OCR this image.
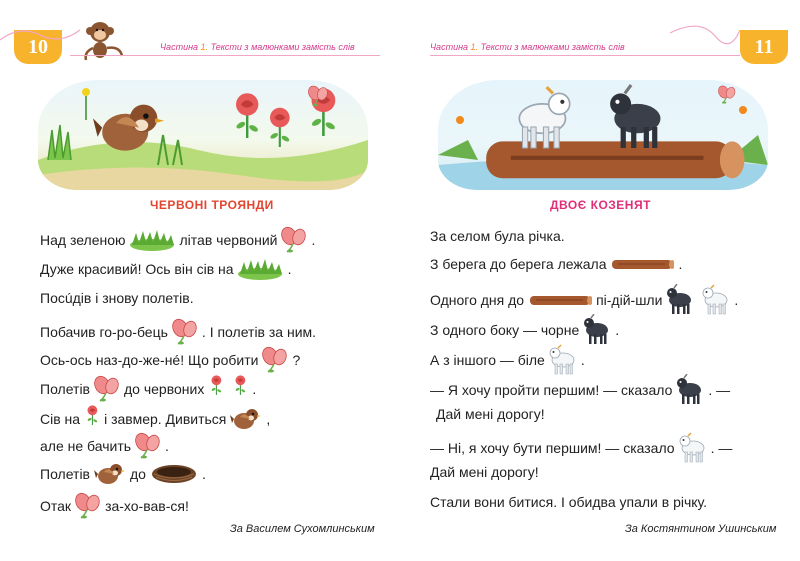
10	Частина 1. Тексти з малюнками замість слів
ЧЕРВОНІ ТРОЯНДИ
Над зеленою	літав червоний .
Дуже красивий! Ось він сів на	.
Посúдів і знову полетів.
Побачив го-ро-бець . І полетів за ним.
Ось-ось наз-до-же-нé! Що робити ?
Полетів до червоних	.
Сів на і завмер. Дивиться	,
але не бачить .
Полетів	до	.
Отак за-хо-вав-ся!
За Василем Сухомлинським
11
Частина 1. Тексти з малюнками замість слів
ДВОЄ КОЗЕНЯТ
За селом була річка.
З берега до берега лежала	.
Одного дня до	пі-дій-шли	.
З одного боку — чорне	.
А з іншого — біле	.
— Я хочу пройти першим! — сказало	. —
Дай мені дорогу!
— Ні, я хочу бути першим! — сказало	. —
Дай мені дорогу!
Стали вони битися. І обидва упали в річку.
За Костянтином Ушинським
